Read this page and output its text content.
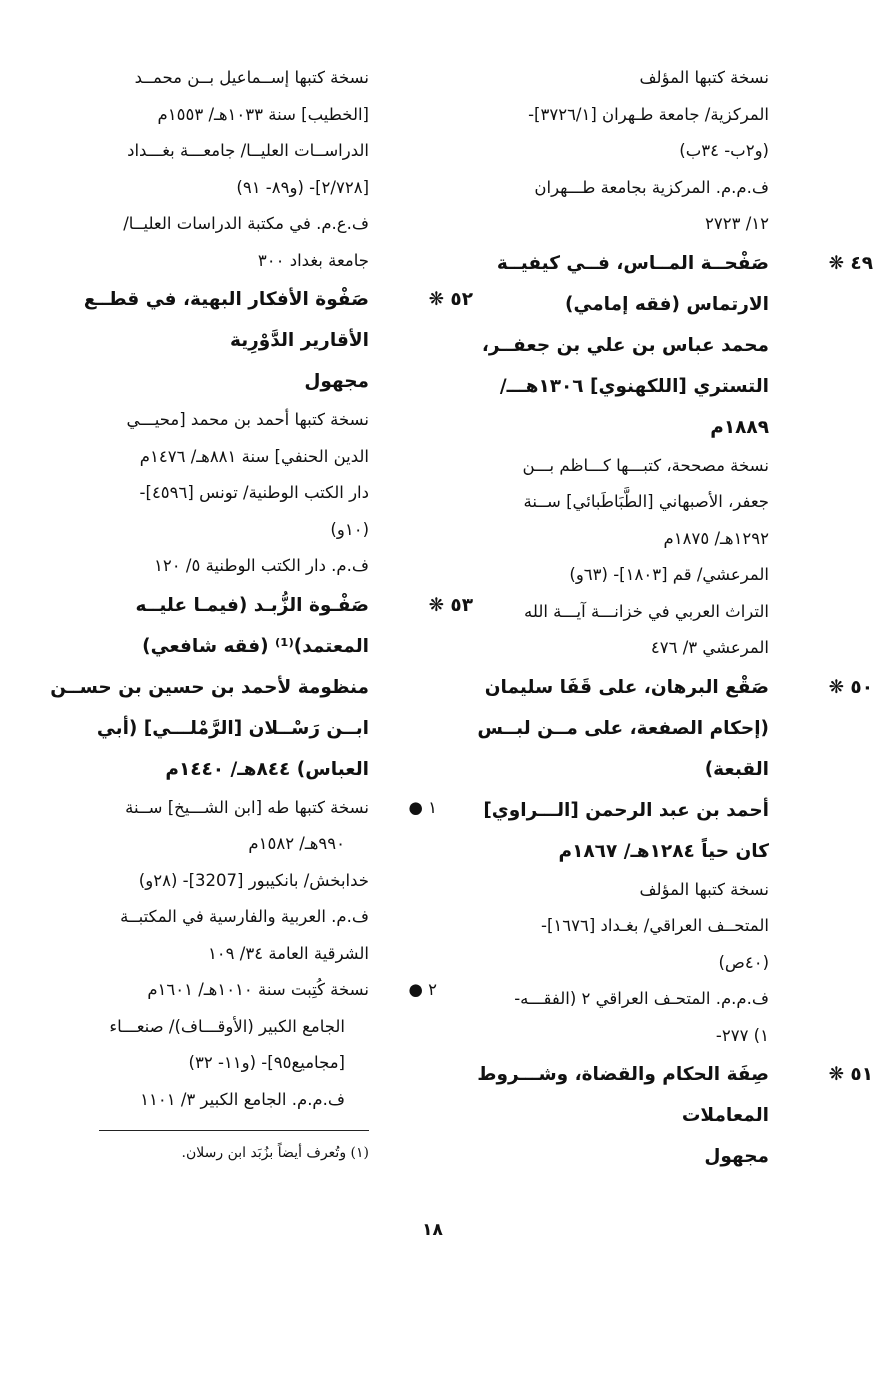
نسخة كتبها المؤلف
المركزية/ جامعة طـهران [٣٧٢٦/١]-
(و٢ب- ٣٤ب)
ف.م.م. المركزية بجامعة طـــهران
١٢/ ٢٧٢٣
٤٩ ❋صَفْحــة المــاس، فــي كيفيــة
الارتماس (فقه إمامي)
محمد عباس بن علي بن جعفــر،
التستري [اللكهنوي] ١٣٠٦هـــ/
١٨٨٩م
نسخة مصححة، كتبـــها كـــاظم بـــن
جعفر، الأصبهاني [الطَّبَاطَبائي] ســنة
١٢٩٢هـ/ ١٨٧٥م
المرعشي/ قم [١٨٠٣]- (٦٣و)
التراث العربي في خزانـــة آيـــة الله
المرعشي ٣/ ٤٧٦
٥٠ ❋صَقْع البرهان، على قَفَا سليمان
(إحكام الصفعة، على مــن لبــس
القبعة)
أحمد بن عبد الرحمن [الـــراوي]
كان حياً ١٢٨٤هـ/ ١٨٦٧م
نسخة كتبها المؤلف
المتحــف العراقي/ بغـداد [١٦٧٦]-
(٤٠ص)
ف.م.م. المتحـف العراقي ٢ (الفقـــه-
١) ٢٧٧-
٥١ ❋صِفَة الحكام والقضاة، وشـــروط
المعاملات
مجهول
نسخة كتبها إســماعيل بــن محمــد
[الخطيب] سنة ١٠٣٣هـ/ ١٥٥٣م
الدراســات العليــا/ جامعـــة بغـــداد
[٢/٧٢٨]- (و٨٩- ٩١)
ف.ع.م. في مكتبة الدراسات العليــا/
جامعة بغداد ٣٠٠
٥٢ ❋صَفْوة الأفكار البهية، في قطــع
الأقارير الدَّوْرِية
مجهول
نسخة كتبها أحمد بن محمد [محيـــي
الدين الحنفي] سنة ٨٨١هـ/ ١٤٧٦م
دار الكتب الوطنية/ تونس [٤٥٩٦]-
(١٠و)
ف.م. دار الكتب الوطنية ٥/ ١٢٠
٥٣ ❋صَفْـوة الزُّبـد (فيمـا عليــه
المعتمد)⁽¹⁾ (فقه شافعي)
منظومة لأحمد بن حسين بن حســن
ابــن رَسْــلان [الرَّمْلـــي] (أبي
العباس) ٨٤٤هـ/ ١٤٤٠م
١ ●نسخة كتبها طه [ابن الشـــيخ] ســنة
٩٩٠هـ/ ١٥٨٢م
خدابخش/ بانكيبور [3207]- (٢٨و)
ف.م. العربية والفارسية في المكتبــة
الشرقية العامة ٣٤/ ١٠٩
٢ ●نسخة كُتِبت سنة ١٠١٠هـ/ ١٦٠١م
الجامع الكبير (الأوقـــاف)/ صنعـــاء
[مجاميع٩٥]- (و١١- ٣٢)
ف.م.م. الجامع الكبير ٣/ ١١٠١
(١) وتُعرف أيضاً بزُبَد ابن رسلان.
١٨
